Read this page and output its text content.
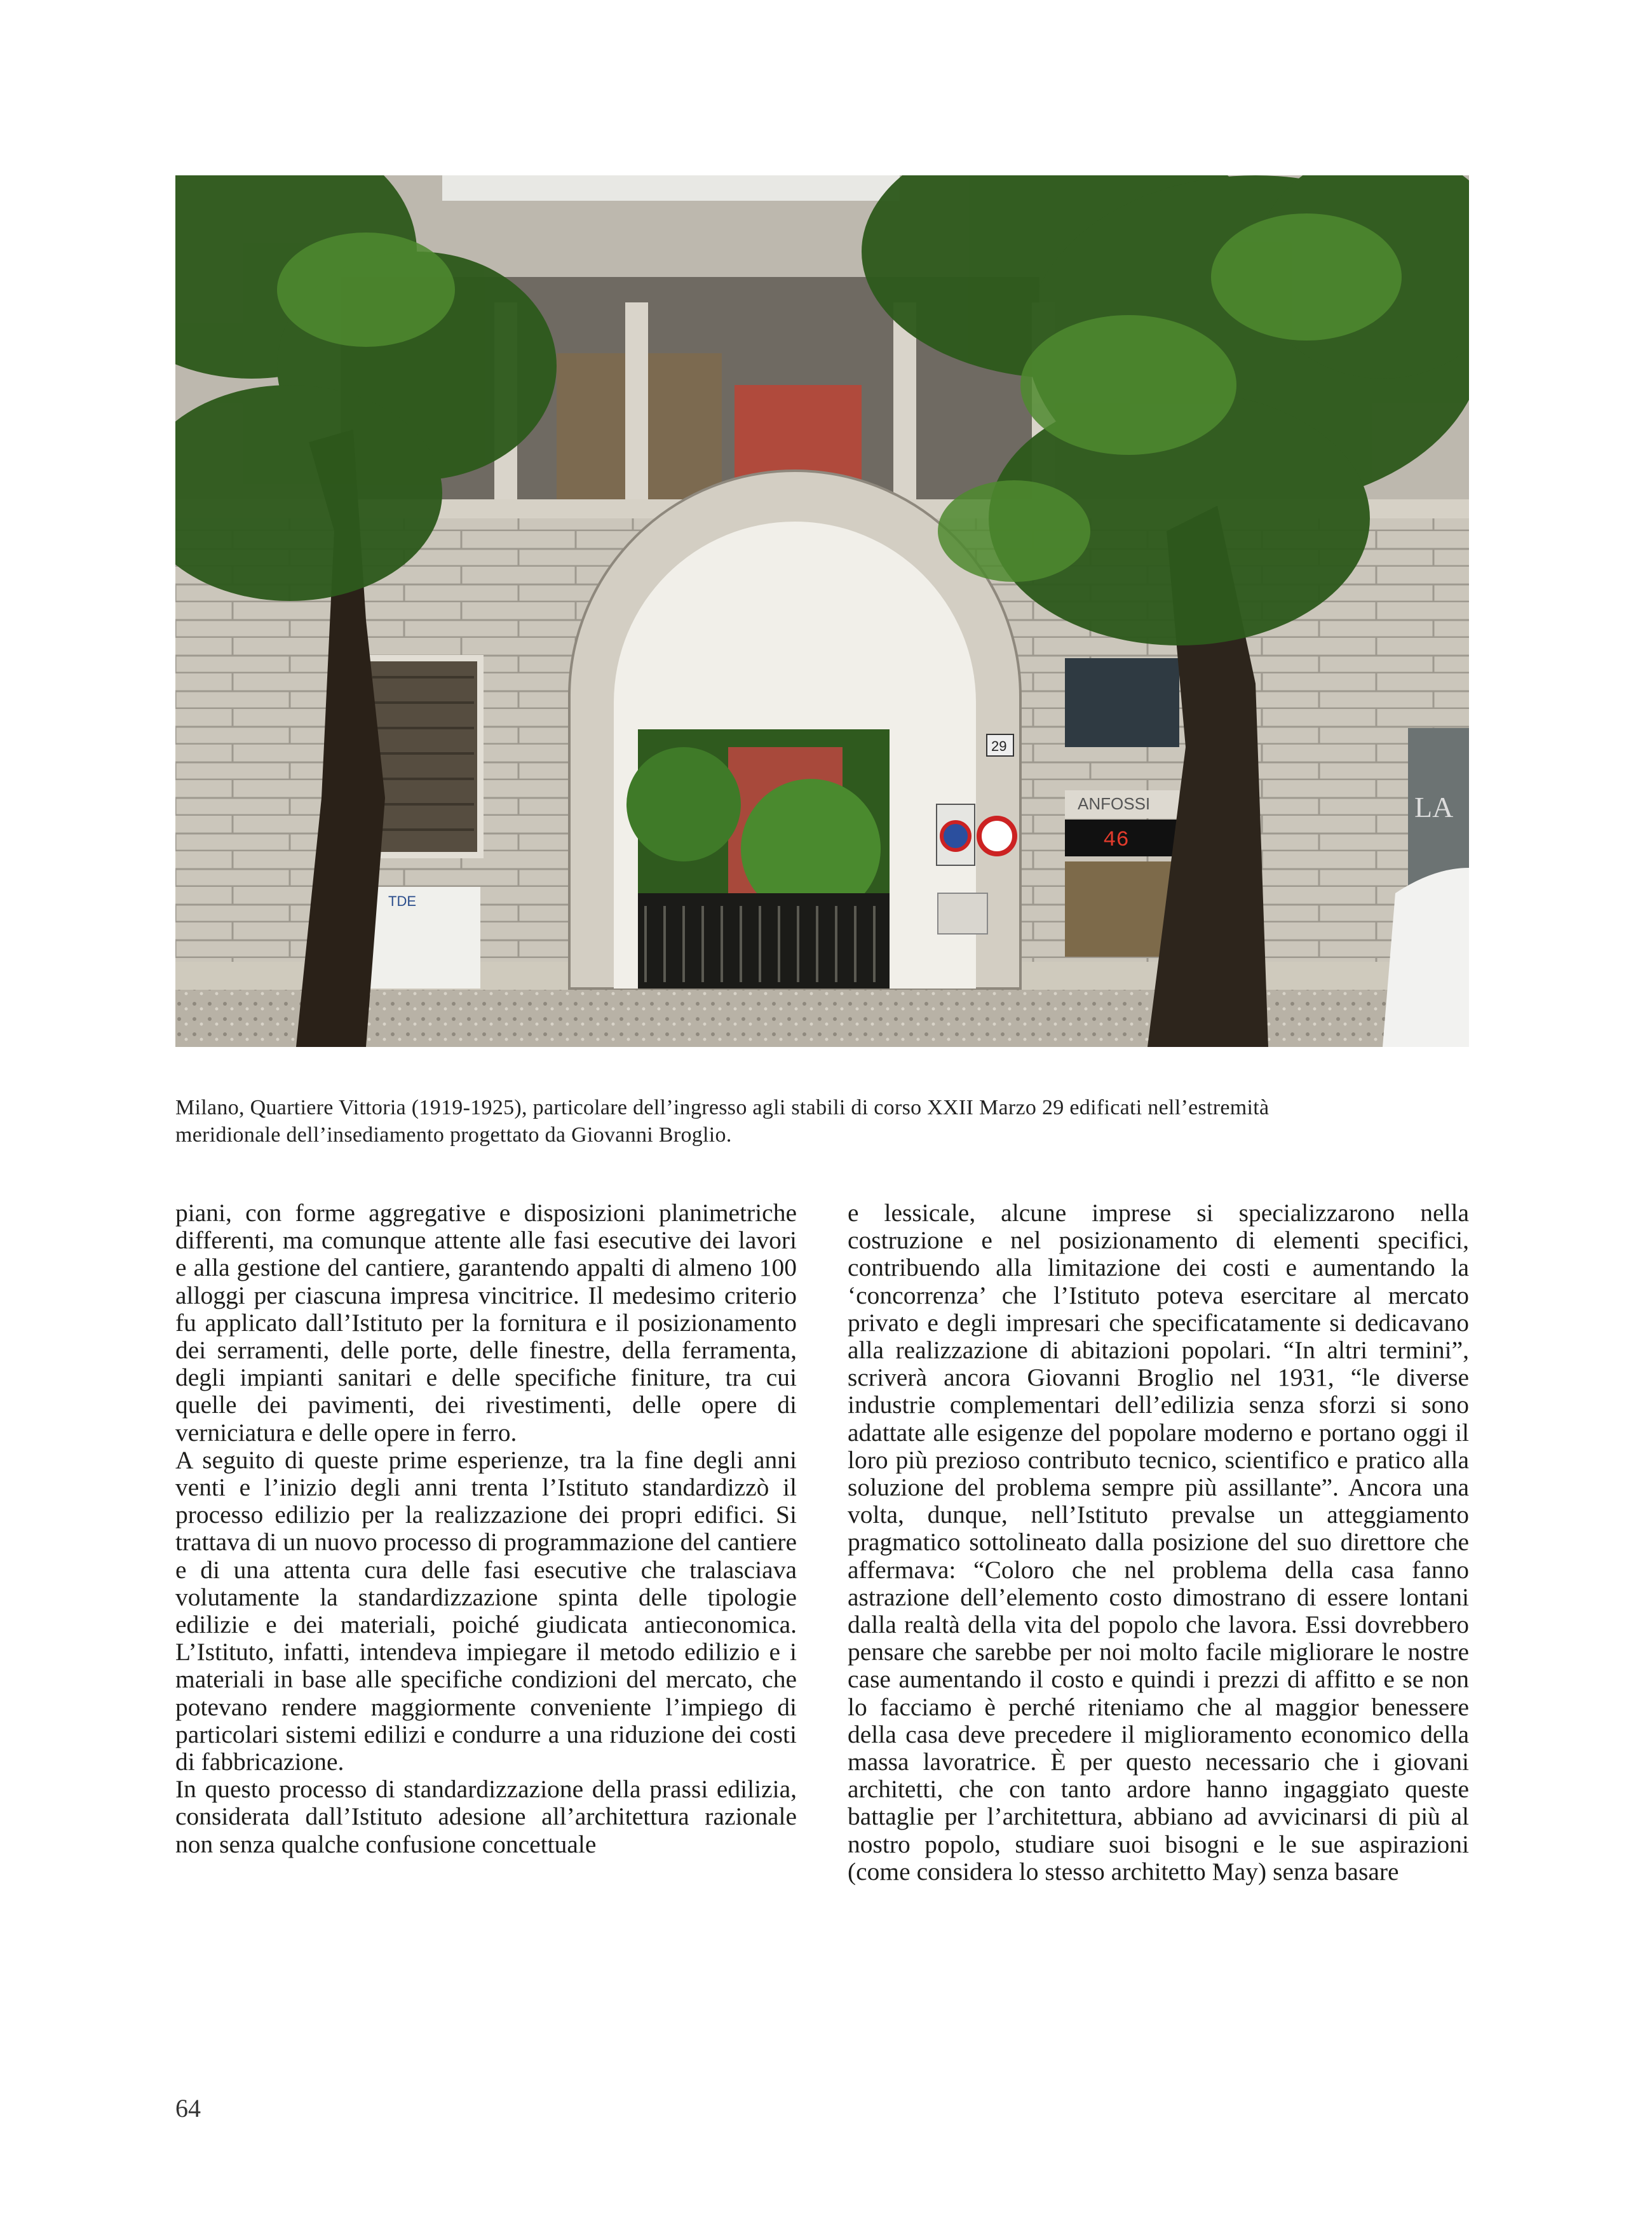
TDE
29
ANFOSSI
46
LA
Milano, Quartiere Vittoria (1919-1925), particolare dell’ingresso agli stabili di corso XXII Marzo 29 edificati nell’estremità
meridionale dell’insediamento progettato da Giovanni Broglio.

piani, con forme aggregative e disposizioni planimetriche differenti, ma comunque attente alle fasi esecutive dei lavori e alla gestione del cantiere, garantendo appalti di almeno 100 alloggi per ciascuna impresa vincitrice. Il medesimo criterio fu applicato dall’Istituto per la fornitura e il posizionamento dei serramenti, delle porte, delle finestre, della ferramenta, degli impianti sanitari e delle specifiche finiture, tra cui quelle dei pavimenti, dei rivestimenti, delle opere di verniciatura e delle opere in ferro.

A seguito di queste prime esperienze, tra la fine degli anni venti e l’inizio degli anni trenta l’Istituto standardizzò il processo edilizio per la realizzazione dei propri edifici. Si trattava di un nuovo processo di programmazione del cantiere e di una attenta cura delle fasi esecutive che tralasciava volutamente la standardizzazione spinta delle tipologie edilizie e dei materiali, poiché giudicata antieconomica. L’Istituto, infatti, intendeva impiegare il metodo edilizio e i materiali in base alle specifiche condizioni del mercato, che potevano rendere maggiormente conveniente l’impiego di particolari sistemi edilizi e condurre a una riduzione dei costi di fabbricazione.

In questo processo di standardizzazione della prassi edilizia, considerata dall’Istituto adesione all’architettura razionale non senza qualche confusione concettuale

e lessicale, alcune imprese si specializzarono nella costruzione e nel posizionamento di elementi specifici, contribuendo alla limitazione dei costi e aumentando la ‘concorrenza’ che l’Istituto poteva esercitare al mercato privato e degli impresari che specificatamente si dedicavano alla realizzazione di abitazioni popolari. “In altri termini”, scriverà ancora Giovanni Broglio nel 1931, “le diverse industrie complementari dell’edilizia senza sforzi si sono adattate alle esigenze del popolare moderno e portano oggi il loro più prezioso contributo tecnico, scientifico e pratico alla soluzione del problema sempre più assillante”. Ancora una volta, dunque, nell’Istituto prevalse un atteggiamento pragmatico sottolineato dalla posizione del suo direttore che affermava: “Coloro che nel problema della casa fanno astrazione dell’elemento costo dimostrano di essere lontani dalla realtà della vita del popolo che lavora. Essi dovrebbero pensare che sarebbe per noi molto facile migliorare le nostre case aumentando il costo e quindi i prezzi di affitto e se non lo facciamo è perché riteniamo che al maggior benessere della casa deve precedere il miglioramento economico della massa lavoratrice. È per questo necessario che i giovani architetti, che con tanto ardore hanno ingaggiato queste battaglie per l’architettura, abbiano ad avvicinarsi di più al nostro popolo, studiare suoi bisogni e le sue aspirazioni (come considera lo stesso architetto May) senza basare

64
